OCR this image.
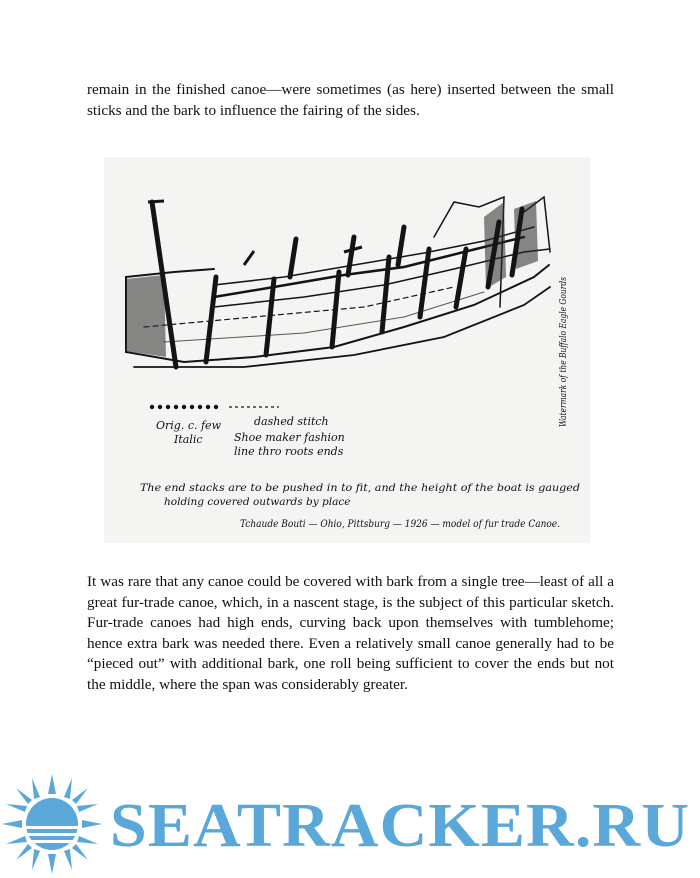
remain in the finished canoe—were sometimes (as here) inserted between the small sticks and the bark to influence the fairing of the sides.

Orig. c. few
Italic
dashed stitch
Shoe maker fashion
line thro roots ends
The end stacks are to be pushed in to fit, and the height of the boat is gauged
holding covered outwards by place
Tchaude Bouti — Ohio, Pittsburg — 1926 — model of fur trade Canoe.
Watermark of the Buffalo Eagle Gourds

It was rare that any canoe could be covered with bark from a single tree—least of all a great fur-trade canoe, which, in a nascent stage, is the subject of this particular sketch. Fur-trade canoes had high ends, curving back upon themselves with tumblehome; hence extra bark was needed there. Even a relatively small canoe generally had to be “pieced out” with additional bark, one roll being sufficient to cover the ends but not the middle, where the span was considerably greater.

SEATRACKER.RU
